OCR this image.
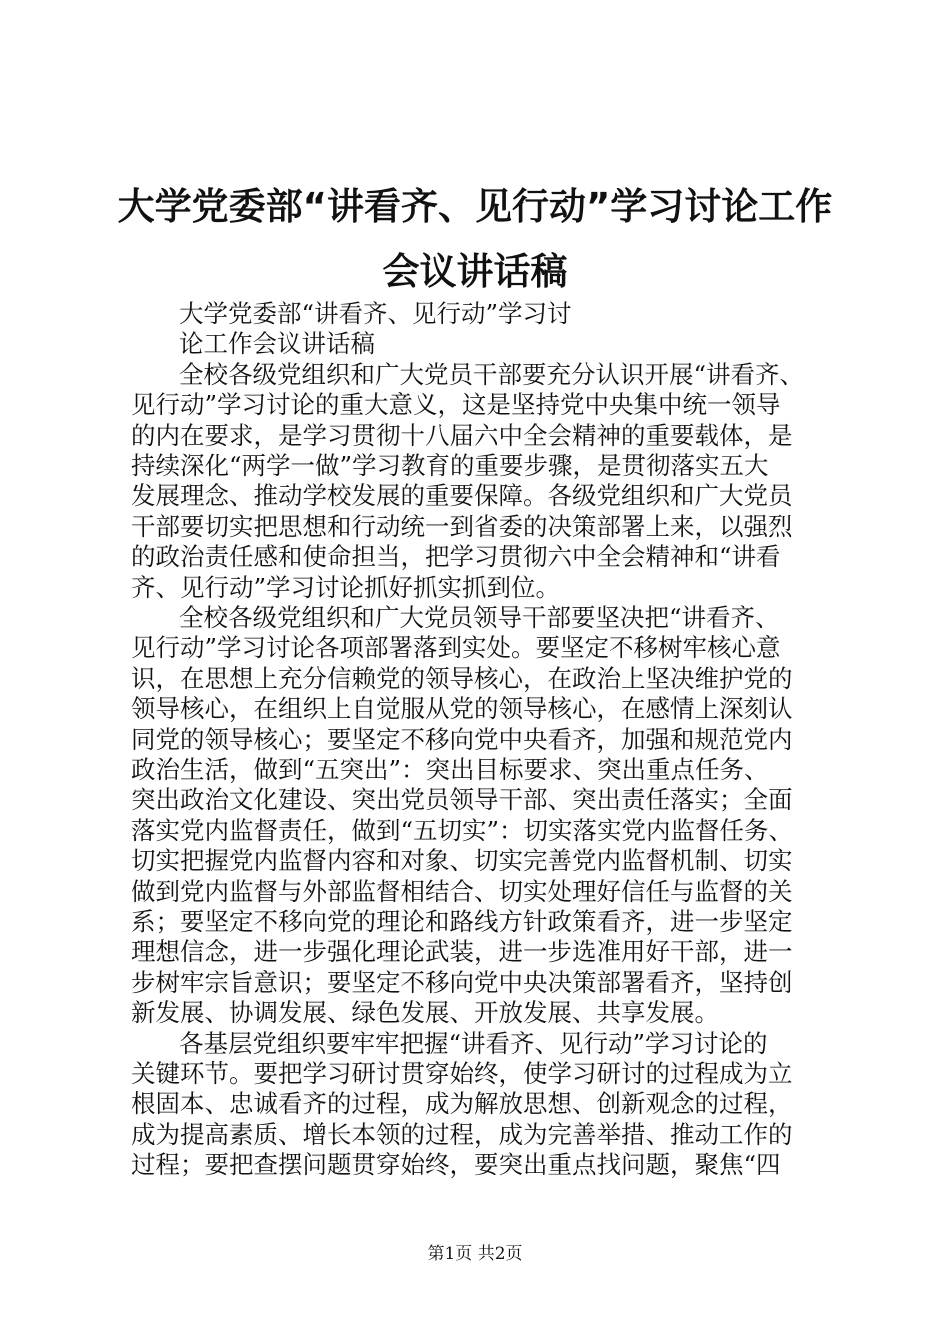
大学党委部“讲看齐、见行动”学习讨论工作
会议讲话稿
大学党委部“讲看齐、见行动”学习讨
论工作会议讲话稿
全校各级党组织和广大党员干部要充分认识开展“讲看齐、
见行动”学习讨论的重大意义，这是坚持党中央集中统一领导
的内在要求，是学习贯彻十八届六中全会精神的重要载体，是
持续深化“两学一做”学习教育的重要步骤，是贯彻落实五大
发展理念、推动学校发展的重要保障。各级党组织和广大党员
干部要切实把思想和行动统一到省委的决策部署上来，以强烈
的政治责任感和使命担当，把学习贯彻六中全会精神和“讲看
齐、见行动”学习讨论抓好抓实抓到位。
全校各级党组织和广大党员领导干部要坚决把“讲看齐、
见行动”学习讨论各项部署落到实处。要坚定不移树牢核心意
识，在思想上充分信赖党的领导核心，在政治上坚决维护党的
领导核心，在组织上自觉服从党的领导核心，在感情上深刻认
同党的领导核心；要坚定不移向党中央看齐，加强和规范党内
政治生活，做到“五突出”：突出目标要求、突出重点任务、
突出政治文化建设、突出党员领导干部、突出责任落实；全面
落实党内监督责任，做到“五切实”：切实落实党内监督任务、
切实把握党内监督内容和对象、切实完善党内监督机制、切实
做到党内监督与外部监督相结合、切实处理好信任与监督的关
系；要坚定不移向党的理论和路线方针政策看齐，进一步坚定
理想信念，进一步强化理论武装，进一步选准用好干部，进一
步树牢宗旨意识；要坚定不移向党中央决策部署看齐，坚持创
新发展、协调发展、绿色发展、开放发展、共享发展。
各基层党组织要牢牢把握“讲看齐、见行动”学习讨论的
关键环节。要把学习研讨贯穿始终，使学习研讨的过程成为立
根固本、忠诚看齐的过程，成为解放思想、创新观念的过程，
成为提高素质、增长本领的过程，成为完善举措、推动工作的
过程；要把查摆问题贯穿始终，要突出重点找问题，聚焦“四
第1页 共2页
